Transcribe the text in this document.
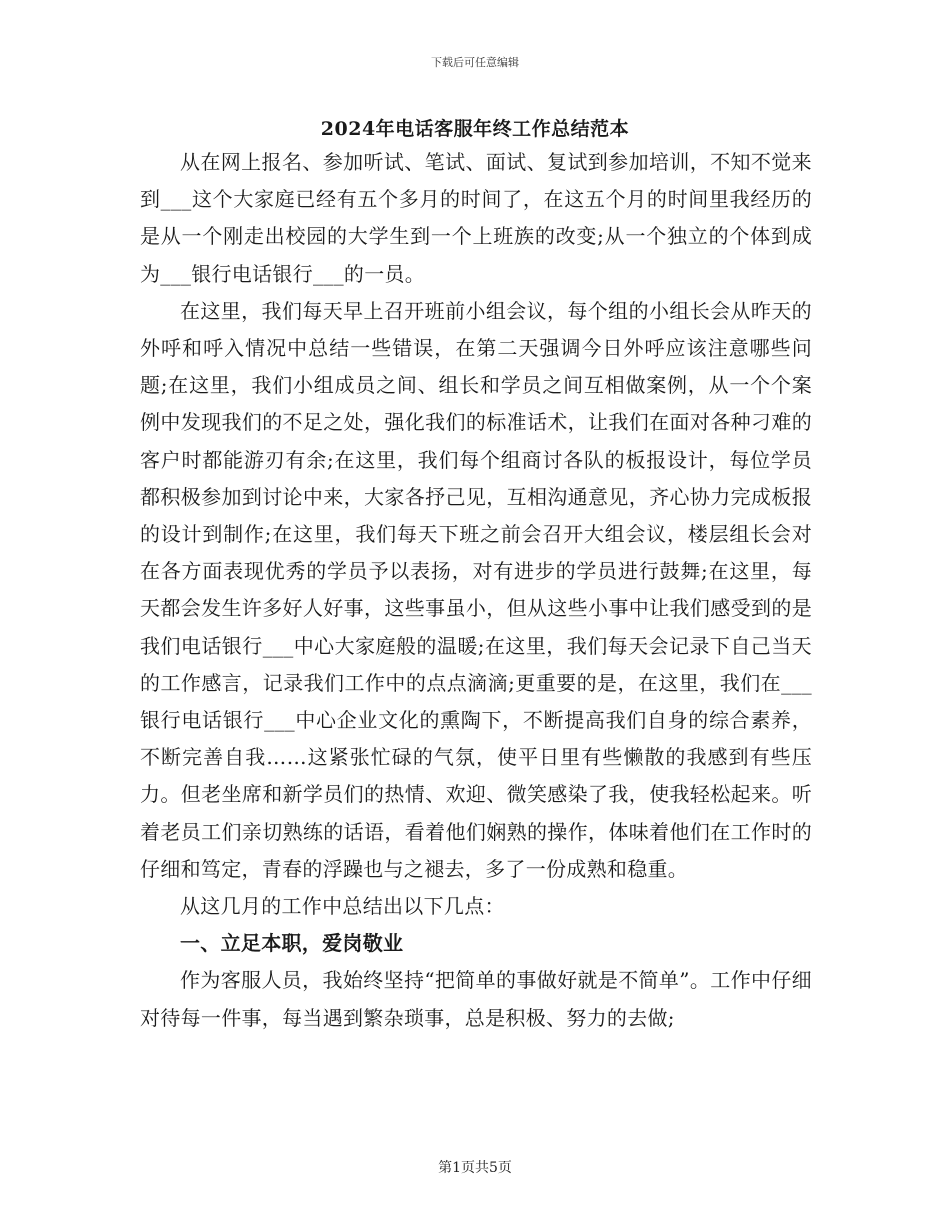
下载后可任意编辑
2024年电话客服年终工作总结范本

从在网上报名、参加听试、笔试、面试、复试到参加培训，不知不觉来到___这个大家庭已经有五个多月的时间了，在这五个月的时间里我经历的是从一个刚走出校园的大学生到一个上班族的改变;从一个独立的个体到成为___银行电话银行___的一员。

在这里，我们每天早上召开班前小组会议，每个组的小组长会从昨天的外呼和呼入情况中总结一些错误，在第二天强调今日外呼应该注意哪些问题;在这里，我们小组成员之间、组长和学员之间互相做案例，从一个个案例中发现我们的不足之处，强化我们的标准话术，让我们在面对各种刁难的客户时都能游刃有余;在这里，我们每个组商讨各队的板报设计，每位学员都积极参加到讨论中来，大家各抒己见，互相沟通意见，齐心协力完成板报的设计到制作;在这里，我们每天下班之前会召开大组会议，楼层组长会对在各方面表现优秀的学员予以表扬，对有进步的学员进行鼓舞;在这里，每天都会发生许多好人好事，这些事虽小，但从这些小事中让我们感受到的是我们电话银行___中心大家庭般的温暖;在这里，我们每天会记录下自己当天的工作感言，记录我们工作中的点点滴滴;更重要的是，在这里，我们在___银行电话银行___中心企业文化的熏陶下，不断提高我们自身的综合素养，不断完善自我……这紧张忙碌的气氛，使平日里有些懒散的我感到有些压力。但老坐席和新学员们的热情、欢迎、微笑感染了我，使我轻松起来。听着老员工们亲切熟练的话语，看着他们娴熟的操作，体味着他们在工作时的仔细和笃定，青春的浮躁也与之褪去，多了一份成熟和稳重。

从这几月的工作中总结出以下几点：

一、立足本职，爱岗敬业

作为客服人员，我始终坚持“把简单的事做好就是不简单”。工作中仔细对待每一件事，每当遇到繁杂琐事，总是积极、努力的去做;

第1页共5页
